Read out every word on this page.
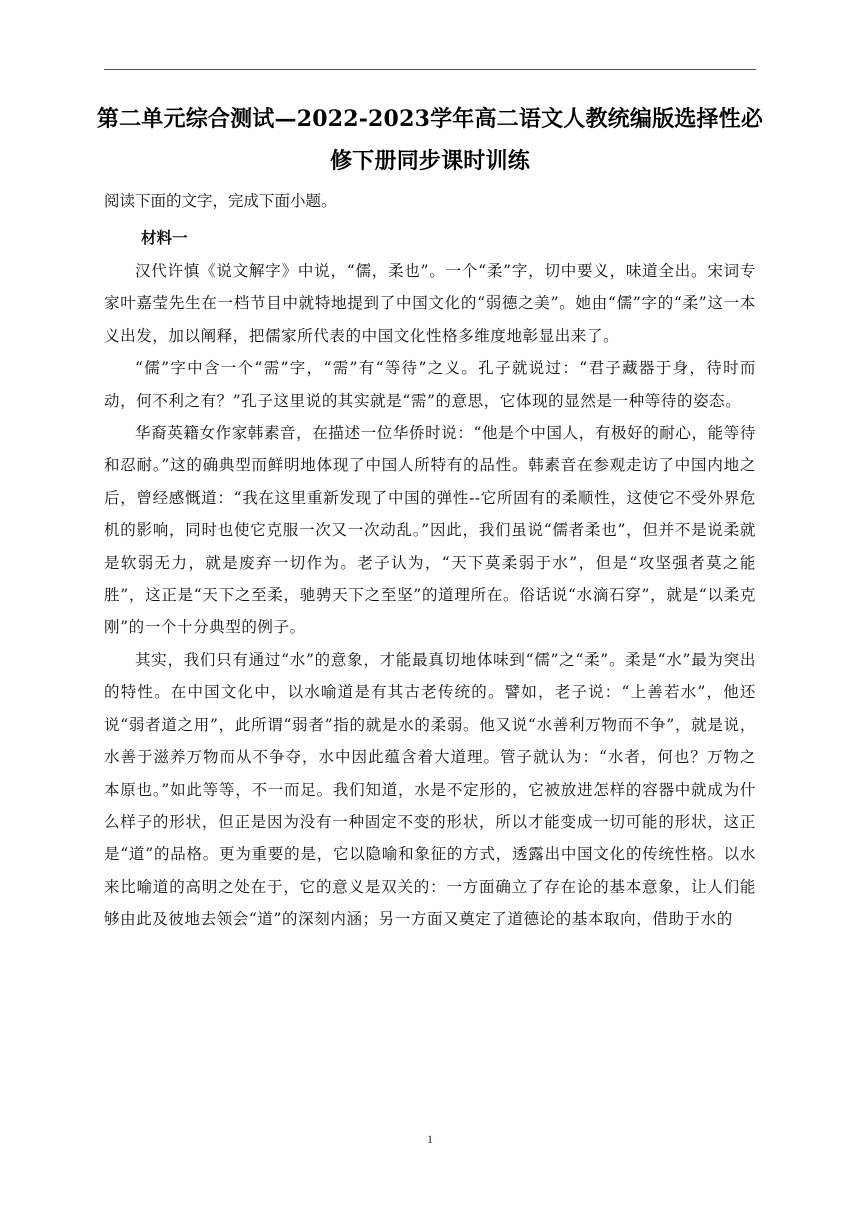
第二单元综合测试—2022-2023学年高二语文人教统编版选择性必修下册同步课时训练

阅读下面的文字，完成下面小题。

材料一

汉代许慎《说文解字》中说，“儒，柔也”。一个“柔”字，切中要义，味道全出。宋词专家叶嘉莹先生在一档节目中就特地提到了中国文化的“弱德之美”。她由“儒”字的“柔”这一本义出发，加以阐释，把儒家所代表的中国文化性格多维度地彰显出来了。

“儒”字中含一个“需”字，“需”有“等待”之义。孔子就说过：“君子藏器于身，待时而动，何不利之有？”孔子这里说的其实就是“需”的意思，它体现的显然是一种等待的姿态。

华裔英籍女作家韩素音，在描述一位华侨时说：“他是个中国人，有极好的耐心，能等待和忍耐。”这的确典型而鲜明地体现了中国人所特有的品性。韩素音在参观走访了中国内地之后，曾经感慨道：“我在这里重新发现了中国的弹性--它所固有的柔顺性，这使它不受外界危机的影响，同时也使它克服一次又一次动乱。”因此，我们虽说“儒者柔也”，但并不是说柔就是软弱无力，就是废弃一切作为。老子认为，“天下莫柔弱于水”，但是“攻坚强者莫之能胜”，这正是“天下之至柔，驰骋天下之至坚”的道理所在。俗话说“水滴石穿”，就是“以柔克刚”的一个十分典型的例子。

其实，我们只有通过“水”的意象，才能最真切地体味到“儒”之“柔”。柔是“水”最为突出的特性。在中国文化中，以水喻道是有其古老传统的。譬如，老子说：“上善若水”，他还说“弱者道之用”，此所谓“弱者”指的就是水的柔弱。他又说“水善利万物而不争”，就是说，水善于滋养万物而从不争夺，水中因此蕴含着大道理。管子就认为：“水者，何也？万物之本原也。”如此等等，不一而足。我们知道，水是不定形的，它被放进怎样的容器中就成为什么样子的形状，但正是因为没有一种固定不变的形状，所以才能变成一切可能的形状，这正是“道”的品格。更为重要的是，它以隐喻和象征的方式，透露出中国文化的传统性格。以水来比喻道的高明之处在于，它的意义是双关的：一方面确立了存在论的基本意象，让人们能够由此及彼地去领会“道”的深刻内涵；另一方面又奠定了道德论的基本取向，借助于水的

1
